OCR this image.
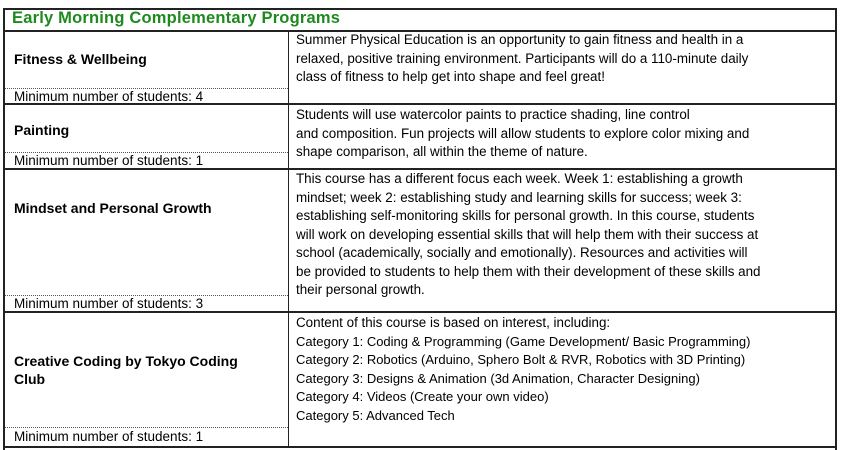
Early Morning Complementary Programs
Fitness & Wellbeing
Minimum number of students: 4
Summer Physical Education is an opportunity to gain fitness and health in a
relaxed, positive training environment. Participants will do a 110-minute daily
class of fitness to help get into shape and feel great!
Painting
Minimum number of students: 1
Students will use watercolor paints to practice shading, line control
and composition. Fun projects will allow students to explore color mixing and
shape comparison, all within the theme of nature.
Mindset and Personal Growth
Minimum number of students: 3
This course has a different focus each week. Week 1: establishing a growth
mindset; week 2: establishing study and learning skills for success; week 3:
establishing self-monitoring skills for personal growth. In this course, students
will work on developing essential skills that will help them with their success at
school (academically, socially and emotionally). Resources and activities will
be provided to students to help them with their development of these skills and
their personal growth.
Creative Coding by Tokyo Coding
Club
Minimum number of students: 1
Content of this course is based on interest, including:
Category 1: Coding & Programming (Game Development/ Basic Programming)
Category 2: Robotics (Arduino, Sphero Bolt & RVR, Robotics with 3D Printing)
Category 3: Designs & Animation (3d Animation, Character Designing)
Category 4: Videos (Create your own video)
Category 5: Advanced Tech
